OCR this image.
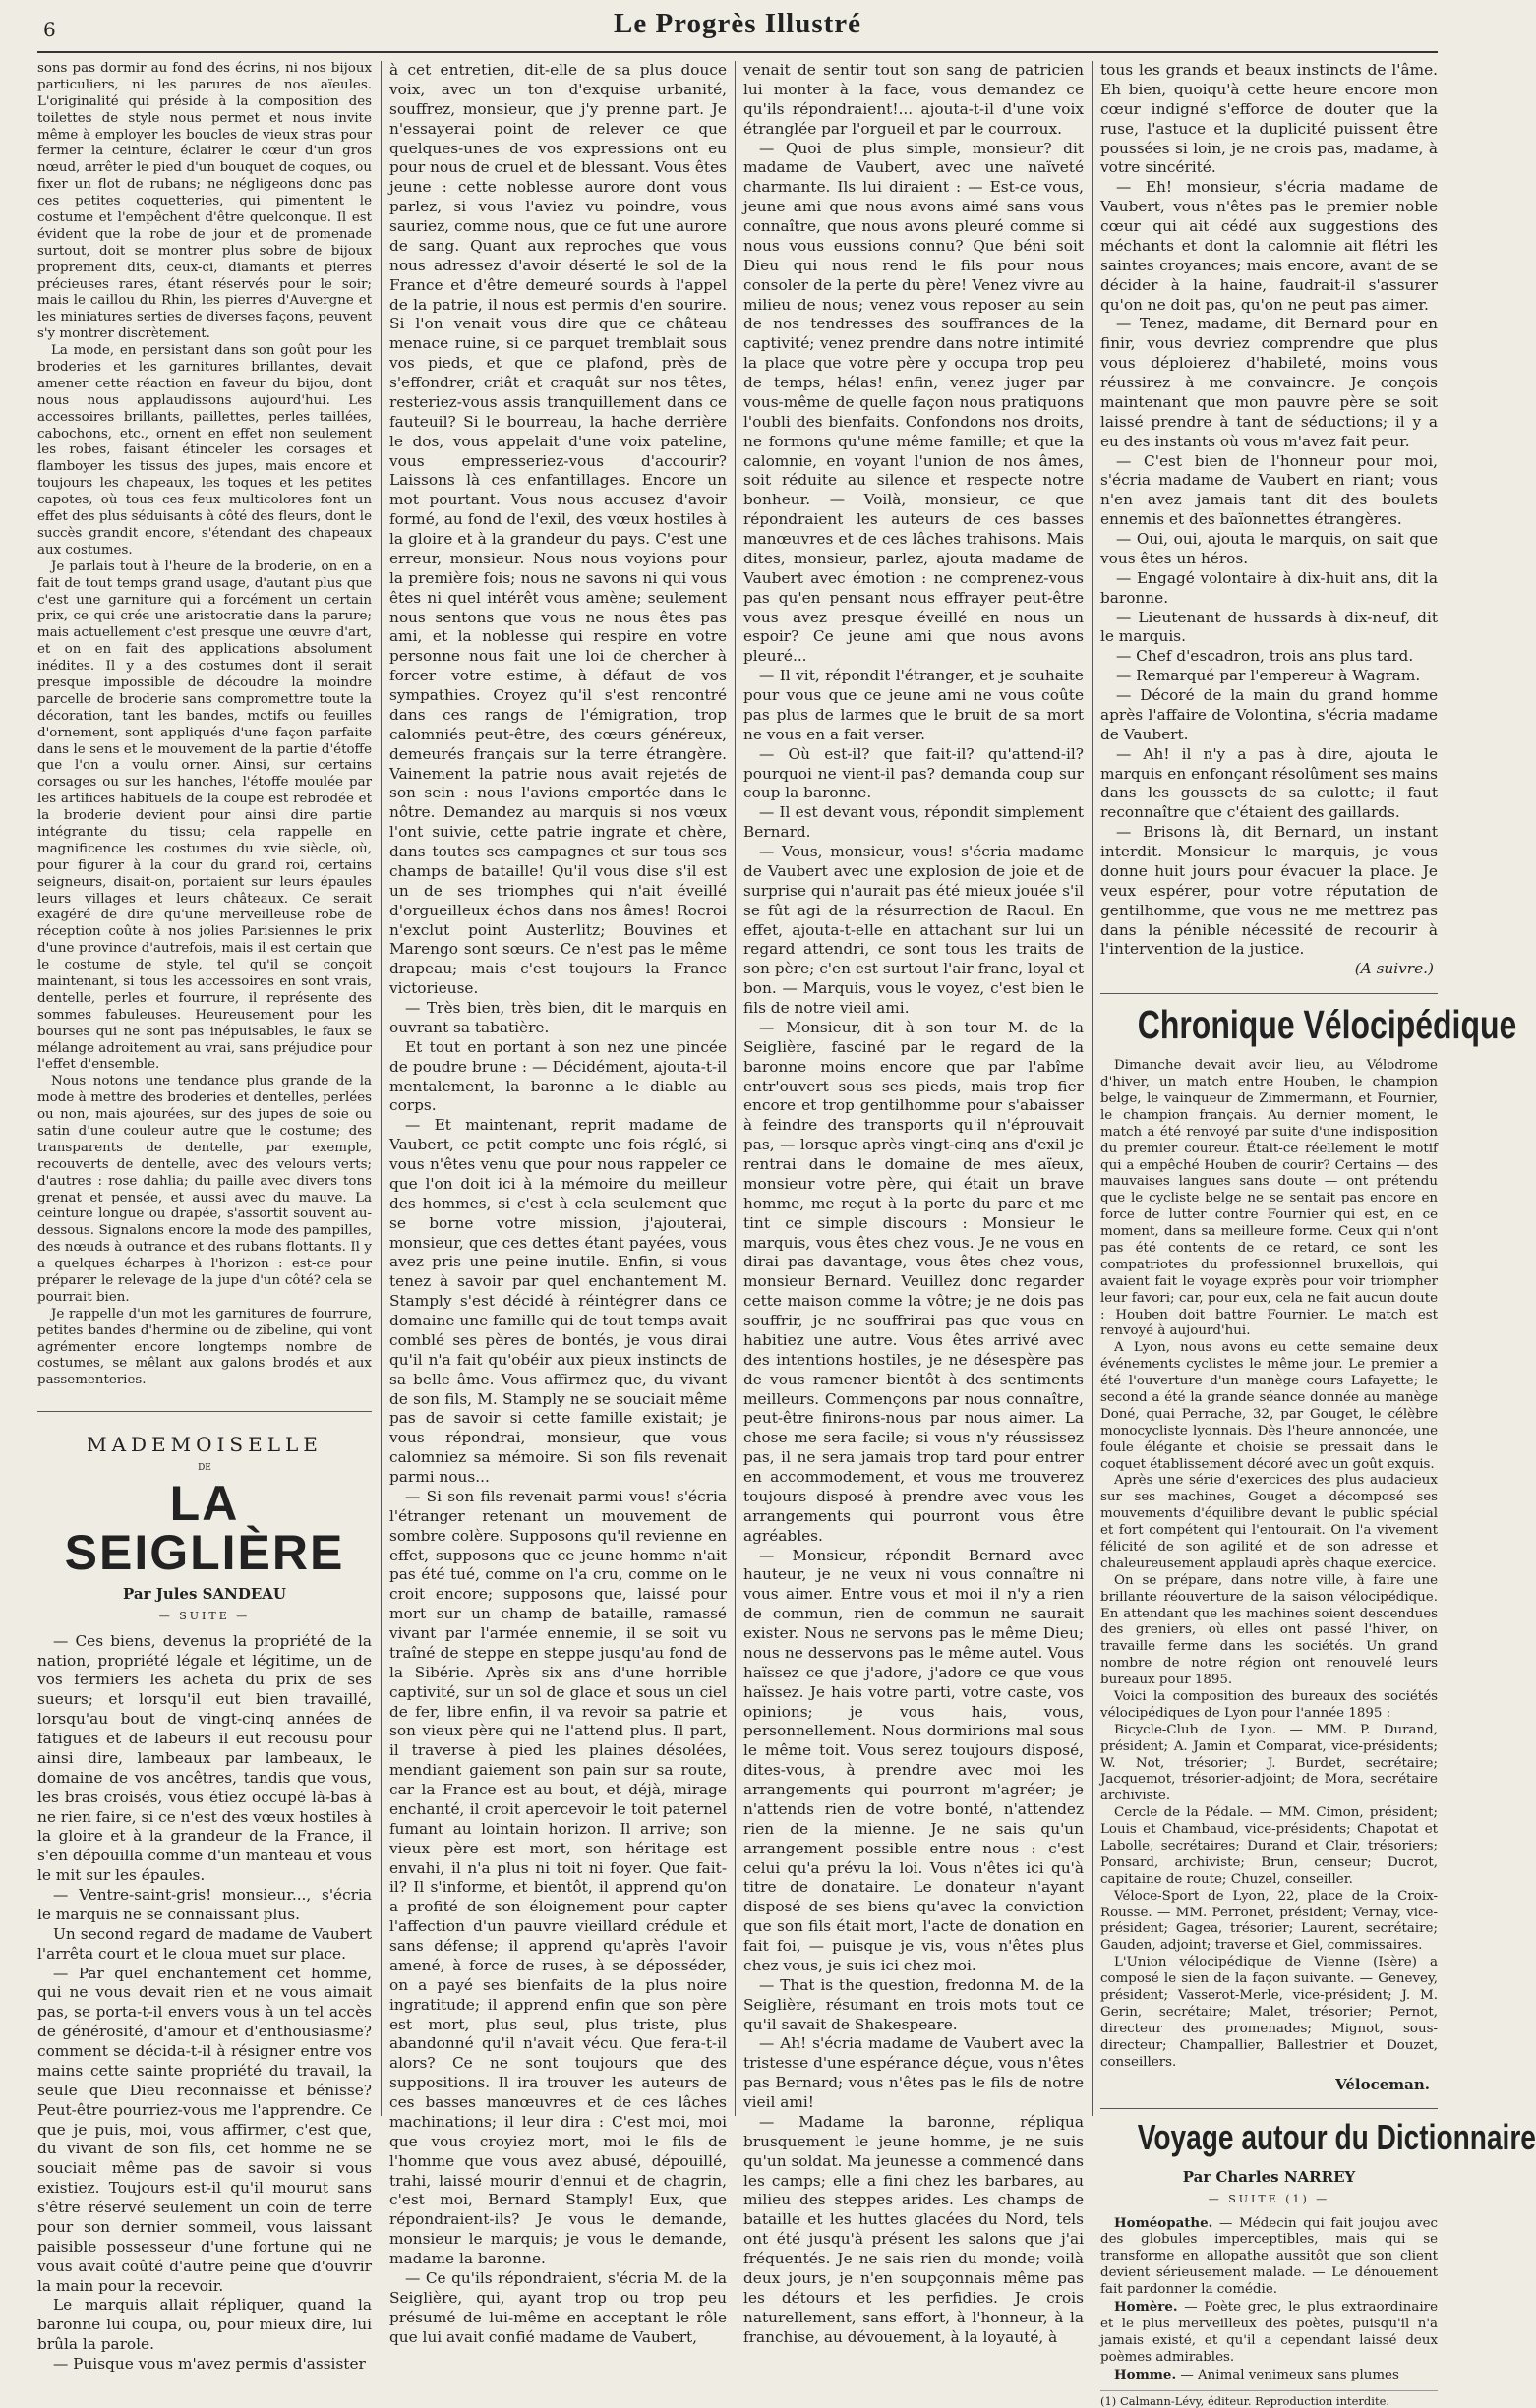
6	Le Progrès Illustré

sons pas dormir au fond des écrins, ni nos bijoux particuliers, ni les parures de nos aïeules. L'originalité qui préside à la composition des toilettes de style nous permet et nous invite même à employer les boucles de vieux stras pour fermer la ceinture, éclairer le cœur d'un gros nœud, arrêter le pied d'un bouquet de coques, ou fixer un flot de rubans; ne négligeons donc pas ces petites coquetteries, qui pimentent le costume et l'empêchent d'être quelconque. Il est évident que la robe de jour et de promenade surtout, doit se montrer plus sobre de bijoux proprement dits, ceux-ci, diamants et pierres précieuses rares, étant réservés pour le soir; mais le caillou du Rhin, les pierres d'Auvergne et les miniatures serties de diverses façons, peuvent s'y montrer discrètement.

La mode, en persistant dans son goût pour les broderies et les garnitures brillantes, devait amener cette réaction en faveur du bijou, dont nous nous applaudissons aujourd'hui. Les accessoires brillants, paillettes, perles taillées, cabochons, etc., ornent en effet non seulement les robes, faisant étinceler les corsages et flamboyer les tissus des jupes, mais encore et toujours les chapeaux, les toques et les petites capotes, où tous ces feux multicolores font un effet des plus séduisants à côté des fleurs, dont le succès grandit encore, s'étendant des chapeaux aux costumes.

Je parlais tout à l'heure de la broderie, on en a fait de tout temps grand usage, d'autant plus que c'est une garniture qui a forcément un certain prix, ce qui crée une aristocratie dans la parure; mais actuellement c'est presque une œuvre d'art, et on en fait des applications absolument inédites. Il y a des costumes dont il serait presque impossible de découdre la moindre parcelle de broderie sans compromettre toute la décoration, tant les bandes, motifs ou feuilles d'ornement, sont appliqués d'une façon parfaite dans le sens et le mouvement de la partie d'étoffe que l'on a voulu orner. Ainsi, sur certains corsages ou sur les hanches, l'étoffe moulée par les artifices habituels de la coupe est rebrodée et la broderie devient pour ainsi dire partie intégrante du tissu; cela rappelle en magnificence les costumes du xvie siècle, où, pour figurer à la cour du grand roi, certains seigneurs, disait-on, portaient sur leurs épaules leurs villages et leurs châteaux. Ce serait exagéré de dire qu'une merveilleuse robe de réception coûte à nos jolies Parisiennes le prix d'une province d'autrefois, mais il est certain que le costume de style, tel qu'il se conçoit maintenant, si tous les accessoires en sont vrais, dentelle, perles et fourrure, il représente des sommes fabuleuses. Heureusement pour les bourses qui ne sont pas inépuisables, le faux se mélange adroitement au vrai, sans préjudice pour l'effet d'ensemble.

Nous notons une tendance plus grande de la mode à mettre des broderies et dentelles, perlées ou non, mais ajourées, sur des jupes de soie ou satin d'une couleur autre que le costume; des transparents de dentelle, par exemple, recouverts de dentelle, avec des velours verts; d'autres : rose dahlia; du paille avec divers tons grenat et pensée, et aussi avec du mauve. La ceinture longue ou drapée, s'assortit souvent au-dessous. Signalons encore la mode des pampilles, des nœuds à outrance et des rubans flottants. Il y a quelques écharpes à l'horizon : est-ce pour préparer le relevage de la jupe d'un côté? cela se pourrait bien.

Je rappelle d'un mot les garnitures de fourrure, petites bandes d'hermine ou de zibeline, qui vont agrémenter encore longtemps nombre de costumes, se mêlant aux galons brodés et aux passementeries.

MADEMOISELLE
DE
LA SEIGLIÈRE
Par Jules SANDEAU
— SUITE —

— Ces biens, devenus la propriété de la nation, propriété légale et légitime, un de vos fermiers les acheta du prix de ses sueurs; et lorsqu'il eut bien travaillé, lorsqu'au bout de vingt-cinq années de fatigues et de labeurs il eut recousu pour ainsi dire, lambeaux par lambeaux, le domaine de vos ancêtres, tandis que vous, les bras croisés, vous étiez occupé là-bas à ne rien faire, si ce n'est des vœux hostiles à la gloire et à la grandeur de la France, il s'en dépouilla comme d'un manteau et vous le mit sur les épaules.

— Ventre-saint-gris! monsieur..., s'écria le marquis ne se connaissant plus.

Un second regard de madame de Vaubert l'arrêta court et le cloua muet sur place.

— Par quel enchantement cet homme, qui ne vous devait rien et ne vous aimait pas, se porta-t-il envers vous à un tel accès de générosité, d'amour et d'enthousiasme? comment se décida-t-il à résigner entre vos mains cette sainte propriété du travail, la seule que Dieu reconnaisse et bénisse? Peut-être pourriez-vous me l'apprendre. Ce que je puis, moi, vous affirmer, c'est que, du vivant de son fils, cet homme ne se souciait même pas de savoir si vous existiez. Toujours est-il qu'il mourut sans s'être réservé seulement un coin de terre pour son dernier sommeil, vous laissant paisible possesseur d'une fortune qui ne vous avait coûté d'autre peine que d'ouvrir la main pour la recevoir.

Le marquis allait répliquer, quand la baronne lui coupa, ou, pour mieux dire, lui brûla la parole.

— Puisque vous m'avez permis d'assister

à cet entretien, dit-elle de sa plus douce voix, avec un ton d'exquise urbanité, souffrez, monsieur, que j'y prenne part. Je n'essayerai point de relever ce que quelques-unes de vos expressions ont eu pour nous de cruel et de blessant. Vous êtes jeune : cette noblesse aurore dont vous parlez, si vous l'aviez vu poindre, vous sauriez, comme nous, que ce fut une aurore de sang. Quant aux reproches que vous nous adressez d'avoir déserté le sol de la France et d'être demeuré sourds à l'appel de la patrie, il nous est permis d'en sourire. Si l'on venait vous dire que ce château menace ruine, si ce parquet tremblait sous vos pieds, et que ce plafond, près de s'effondrer, criât et craquât sur nos têtes, resteriez-vous assis tranquillement dans ce fauteuil? Si le bourreau, la hache derrière le dos, vous appelait d'une voix pateline, vous empresseriez-vous d'accourir? Laissons là ces enfantillages. Encore un mot pourtant. Vous nous accusez d'avoir formé, au fond de l'exil, des vœux hostiles à la gloire et à la grandeur du pays. C'est une erreur, monsieur. Nous nous voyions pour la première fois; nous ne savons ni qui vous êtes ni quel intérêt vous amène; seulement nous sentons que vous ne nous êtes pas ami, et la noblesse qui respire en votre personne nous fait une loi de chercher à forcer votre estime, à défaut de vos sympathies. Croyez qu'il s'est rencontré dans ces rangs de l'émigration, trop calomniés peut-être, des cœurs généreux, demeurés français sur la terre étrangère. Vainement la patrie nous avait rejetés de son sein : nous l'avions emportée dans le nôtre. Demandez au marquis si nos vœux l'ont suivie, cette patrie ingrate et chère, dans toutes ses campagnes et sur tous ses champs de bataille! Qu'il vous dise s'il est un de ses triomphes qui n'ait éveillé d'orgueilleux échos dans nos âmes! Rocroi n'exclut point Austerlitz; Bouvines et Marengo sont sœurs. Ce n'est pas le même drapeau; mais c'est toujours la France victorieuse.

— Très bien, très bien, dit le marquis en ouvrant sa tabatière.

Et tout en portant à son nez une pincée de poudre brune : — Décidément, ajouta-t-il mentalement, la baronne a le diable au corps.

— Et maintenant, reprit madame de Vaubert, ce petit compte une fois réglé, si vous n'êtes venu que pour nous rappeler ce que l'on doit ici à la mémoire du meilleur des hommes, si c'est à cela seulement que se borne votre mission, j'ajouterai, monsieur, que ces dettes étant payées, vous avez pris une peine inutile. Enfin, si vous tenez à savoir par quel enchantement M. Stamply s'est décidé à réintégrer dans ce domaine une famille qui de tout temps avait comblé ses pères de bontés, je vous dirai qu'il n'a fait qu'obéir aux pieux instincts de sa belle âme. Vous affirmez que, du vivant de son fils, M. Stamply ne se souciait même pas de savoir si cette famille existait; je vous répondrai, monsieur, que vous calomniez sa mémoire. Si son fils revenait parmi nous...

— Si son fils revenait parmi vous! s'écria l'étranger retenant un mouvement de sombre colère. Supposons qu'il revienne en effet, supposons que ce jeune homme n'ait pas été tué, comme on l'a cru, comme on le croit encore; supposons que, laissé pour mort sur un champ de bataille, ramassé vivant par l'armée ennemie, il se soit vu traîné de steppe en steppe jusqu'au fond de la Sibérie. Après six ans d'une horrible captivité, sur un sol de glace et sous un ciel de fer, libre enfin, il va revoir sa patrie et son vieux père qui ne l'attend plus. Il part, il traverse à pied les plaines désolées, mendiant gaiement son pain sur sa route, car la France est au bout, et déjà, mirage enchanté, il croit apercevoir le toit paternel fumant au lointain horizon. Il arrive; son vieux père est mort, son héritage est envahi, il n'a plus ni toit ni foyer. Que fait-il? Il s'informe, et bientôt, il apprend qu'on a profité de son éloignement pour capter l'affection d'un pauvre vieillard crédule et sans défense; il apprend qu'après l'avoir amené, à force de ruses, à se déposséder, on a payé ses bienfaits de la plus noire ingratitude; il apprend enfin que son père est mort, plus seul, plus triste, plus abandonné qu'il n'avait vécu. Que fera-t-il alors? Ce ne sont toujours que des suppositions. Il ira trouver les auteurs de ces basses manœuvres et de ces lâches machinations; il leur dira : C'est moi, moi que vous croyiez mort, moi le fils de l'homme que vous avez abusé, dépouillé, trahi, laissé mourir d'ennui et de chagrin, c'est moi, Bernard Stamply! Eux, que répondraient-ils? Je vous le demande, monsieur le marquis; je vous le demande, madame la baronne.

— Ce qu'ils répondraient, s'écria M. de la Seiglière, qui, ayant trop ou trop peu présumé de lui-même en acceptant le rôle que lui avait confié madame de Vaubert,

venait de sentir tout son sang de patricien lui monter à la face, vous demandez ce qu'ils répondraient!... ajouta-t-il d'une voix étranglée par l'orgueil et par le courroux.

— Quoi de plus simple, monsieur? dit madame de Vaubert, avec une naïveté charmante. Ils lui diraient : — Est-ce vous, jeune ami que nous avons aimé sans vous connaître, que nous avons pleuré comme si nous vous eussions connu? Que béni soit Dieu qui nous rend le fils pour nous consoler de la perte du père! Venez vivre au milieu de nous; venez vous reposer au sein de nos tendresses des souffrances de la captivité; venez prendre dans notre intimité la place que votre père y occupa trop peu de temps, hélas! enfin, venez juger par vous-même de quelle façon nous pratiquons l'oubli des bienfaits. Confondons nos droits, ne formons qu'une même famille; et que la calomnie, en voyant l'union de nos âmes, soit réduite au silence et respecte notre bonheur. — Voilà, monsieur, ce que répondraient les auteurs de ces basses manœuvres et de ces lâches trahisons. Mais dites, monsieur, parlez, ajouta madame de Vaubert avec émotion : ne comprenez-vous pas qu'en pensant nous effrayer peut-être vous avez presque éveillé en nous un espoir? Ce jeune ami que nous avons pleuré...

— Il vit, répondit l'étranger, et je souhaite pour vous que ce jeune ami ne vous coûte pas plus de larmes que le bruit de sa mort ne vous en a fait verser.

— Où est-il? que fait-il? qu'attend-il? pourquoi ne vient-il pas? demanda coup sur coup la baronne.

— Il est devant vous, répondit simplement Bernard.

— Vous, monsieur, vous! s'écria madame de Vaubert avec une explosion de joie et de surprise qui n'aurait pas été mieux jouée s'il se fût agi de la résurrection de Raoul. En effet, ajouta-t-elle en attachant sur lui un regard attendri, ce sont tous les traits de son père; c'en est surtout l'air franc, loyal et bon. — Marquis, vous le voyez, c'est bien le fils de notre vieil ami.

— Monsieur, dit à son tour M. de la Seiglière, fasciné par le regard de la baronne moins encore que par l'abîme entr'ouvert sous ses pieds, mais trop fier encore et trop gentilhomme pour s'abaisser à feindre des transports qu'il n'éprouvait pas, — lorsque après vingt-cinq ans d'exil je rentrai dans le domaine de mes aïeux, monsieur votre père, qui était un brave homme, me reçut à la porte du parc et me tint ce simple discours : Monsieur le marquis, vous êtes chez vous. Je ne vous en dirai pas davantage, vous êtes chez vous, monsieur Bernard. Veuillez donc regarder cette maison comme la vôtre; je ne dois pas souffrir, je ne souffrirai pas que vous en habitiez une autre. Vous êtes arrivé avec des intentions hostiles, je ne désespère pas de vous ramener bientôt à des sentiments meilleurs. Commençons par nous connaître, peut-être finirons-nous par nous aimer. La chose me sera facile; si vous n'y réussissez pas, il ne sera jamais trop tard pour entrer en accommodement, et vous me trouverez toujours disposé à prendre avec vous les arrangements qui pourront vous être agréables.

— Monsieur, répondit Bernard avec hauteur, je ne veux ni vous connaître ni vous aimer. Entre vous et moi il n'y a rien de commun, rien de commun ne saurait exister. Nous ne servons pas le même Dieu; nous ne desservons pas le même autel. Vous haïssez ce que j'adore, j'adore ce que vous haïssez. Je hais votre parti, votre caste, vos opinions; je vous hais, vous, personnellement. Nous dormirions mal sous le même toit. Vous serez toujours disposé, dites-vous, à prendre avec moi les arrangements qui pourront m'agréer; je n'attends rien de votre bonté, n'attendez rien de la mienne. Je ne sais qu'un arrangement possible entre nous : c'est celui qu'a prévu la loi. Vous n'êtes ici qu'à titre de donataire. Le donateur n'ayant disposé de ses biens qu'avec la conviction que son fils était mort, l'acte de donation en fait foi, — puisque je vis, vous n'êtes plus chez vous, je suis ici chez moi.

— That is the question, fredonna M. de la Seiglière, résumant en trois mots tout ce qu'il savait de Shakespeare.

— Ah! s'écria madame de Vaubert avec la tristesse d'une espérance déçue, vous n'êtes pas Bernard; vous n'êtes pas le fils de notre vieil ami!

— Madame la baronne, répliqua brusquement le jeune homme, je ne suis qu'un soldat. Ma jeunesse a commencé dans les camps; elle a fini chez les barbares, au milieu des steppes arides. Les champs de bataille et les huttes glacées du Nord, tels ont été jusqu'à présent les salons que j'ai fréquentés. Je ne sais rien du monde; voilà deux jours, je n'en soupçonnais même pas les détours et les perfidies. Je crois naturellement, sans effort, à l'honneur, à la franchise, au dévouement, à la loyauté, à

tous les grands et beaux instincts de l'âme. Eh bien, quoiqu'à cette heure encore mon cœur indigné s'efforce de douter que la ruse, l'astuce et la duplicité puissent être poussées si loin, je ne crois pas, madame, à votre sincérité.

— Eh! monsieur, s'écria madame de Vaubert, vous n'êtes pas le premier noble cœur qui ait cédé aux suggestions des méchants et dont la calomnie ait flétri les saintes croyances; mais encore, avant de se décider à la haine, faudrait-il s'assurer qu'on ne doit pas, qu'on ne peut pas aimer.

— Tenez, madame, dit Bernard pour en finir, vous devriez comprendre que plus vous déploierez d'habileté, moins vous réussirez à me convaincre. Je conçois maintenant que mon pauvre père se soit laissé prendre à tant de séductions; il y a eu des instants où vous m'avez fait peur.

— C'est bien de l'honneur pour moi, s'écria madame de Vaubert en riant; vous n'en avez jamais tant dit des boulets ennemis et des baïonnettes étrangères.

— Oui, oui, ajouta le marquis, on sait que vous êtes un héros.

— Engagé volontaire à dix-huit ans, dit la baronne.

— Lieutenant de hussards à dix-neuf, dit le marquis.

— Chef d'escadron, trois ans plus tard.

— Remarqué par l'empereur à Wagram.

— Décoré de la main du grand homme après l'affaire de Volontina, s'écria madame de Vaubert.

— Ah! il n'y a pas à dire, ajouta le marquis en enfonçant résolûment ses mains dans les goussets de sa culotte; il faut reconnaître que c'étaient des gaillards.

— Brisons là, dit Bernard, un instant interdit. Monsieur le marquis, je vous donne huit jours pour évacuer la place. Je veux espérer, pour votre réputation de gentilhomme, que vous ne me mettrez pas dans la pénible nécessité de recourir à l'intervention de la justice.

(A suivre.)
Chronique Vélocipédique

Dimanche devait avoir lieu, au Vélodrome d'hiver, un match entre Houben, le champion belge, le vainqueur de Zimmermann, et Fournier, le champion français. Au dernier moment, le match a été renvoyé par suite d'une indisposition du premier coureur. Était-ce réellement le motif qui a empêché Houben de courir? Certains — des mauvaises langues sans doute — ont prétendu que le cycliste belge ne se sentait pas encore en force de lutter contre Fournier qui est, en ce moment, dans sa meilleure forme. Ceux qui n'ont pas été contents de ce retard, ce sont les compatriotes du professionnel bruxellois, qui avaient fait le voyage exprès pour voir triompher leur favori; car, pour eux, cela ne fait aucun doute : Houben doit battre Fournier. Le match est renvoyé à aujourd'hui.

A Lyon, nous avons eu cette semaine deux événements cyclistes le même jour. Le premier a été l'ouverture d'un manège cours Lafayette; le second a été la grande séance donnée au manège Doné, quai Perrache, 32, par Gouget, le célèbre monocycliste lyonnais. Dès l'heure annoncée, une foule élégante et choisie se pressait dans le coquet établissement décoré avec un goût exquis.

Après une série d'exercices des plus audacieux sur ses machines, Gouget a décomposé ses mouvements d'équilibre devant le public spécial et fort compétent qui l'entourait. On l'a vivement félicité de son agilité et de son adresse et chaleureusement applaudi après chaque exercice.

On se prépare, dans notre ville, à faire une brillante réouverture de la saison vélocipédique. En attendant que les machines soient descendues des greniers, où elles ont passé l'hiver, on travaille ferme dans les sociétés. Un grand nombre de notre région ont renouvelé leurs bureaux pour 1895.

Voici la composition des bureaux des sociétés vélocipédiques de Lyon pour l'année 1895 :

Bicycle-Club de Lyon. — MM. P. Durand, président; A. Jamin et Comparat, vice-présidents; W. Not, trésorier; J. Burdet, secrétaire; Jacquemot, trésorier-adjoint; de Mora, secrétaire archiviste.

Cercle de la Pédale. — MM. Cimon, président; Louis et Chambaud, vice-présidents; Chapotat et Labolle, secrétaires; Durand et Clair, trésoriers; Ponsard, archiviste; Brun, censeur; Ducrot, capitaine de route; Chuzel, conseiller.

Véloce-Sport de Lyon, 22, place de la Croix-Rousse. — MM. Perronet, président; Vernay, vice-président; Gagea, trésorier; Laurent, secrétaire; Gauden, adjoint; traverse et Giel, commissaires.

L'Union vélocipédique de Vienne (Isère) a composé le sien de la façon suivante. — Genevey, président; Vasserot-Merle, vice-président; J. M. Gerin, secrétaire; Malet, trésorier; Pernot, directeur des promenades; Mignot, sous-directeur; Champallier, Ballestrier et Douzet, conseillers.

Véloceman.
Voyage autour du Dictionnaire
Par Charles NARREY
— SUITE (1) —

Homéopathe. — Médecin qui fait joujou avec des globules imperceptibles, mais qui se transforme en allopathe aussitôt que son client devient sérieusement malade. — Le dénouement fait pardonner la comédie.

Homère. — Poète grec, le plus extraordinaire et le plus merveilleux des poètes, puisqu'il n'a jamais existé, et qu'il a cependant laissé deux poèmes admirables.

Homme. — Animal venimeux sans plumes

(1) Calmann-Lévy, éditeur. Reproduction interdite.
